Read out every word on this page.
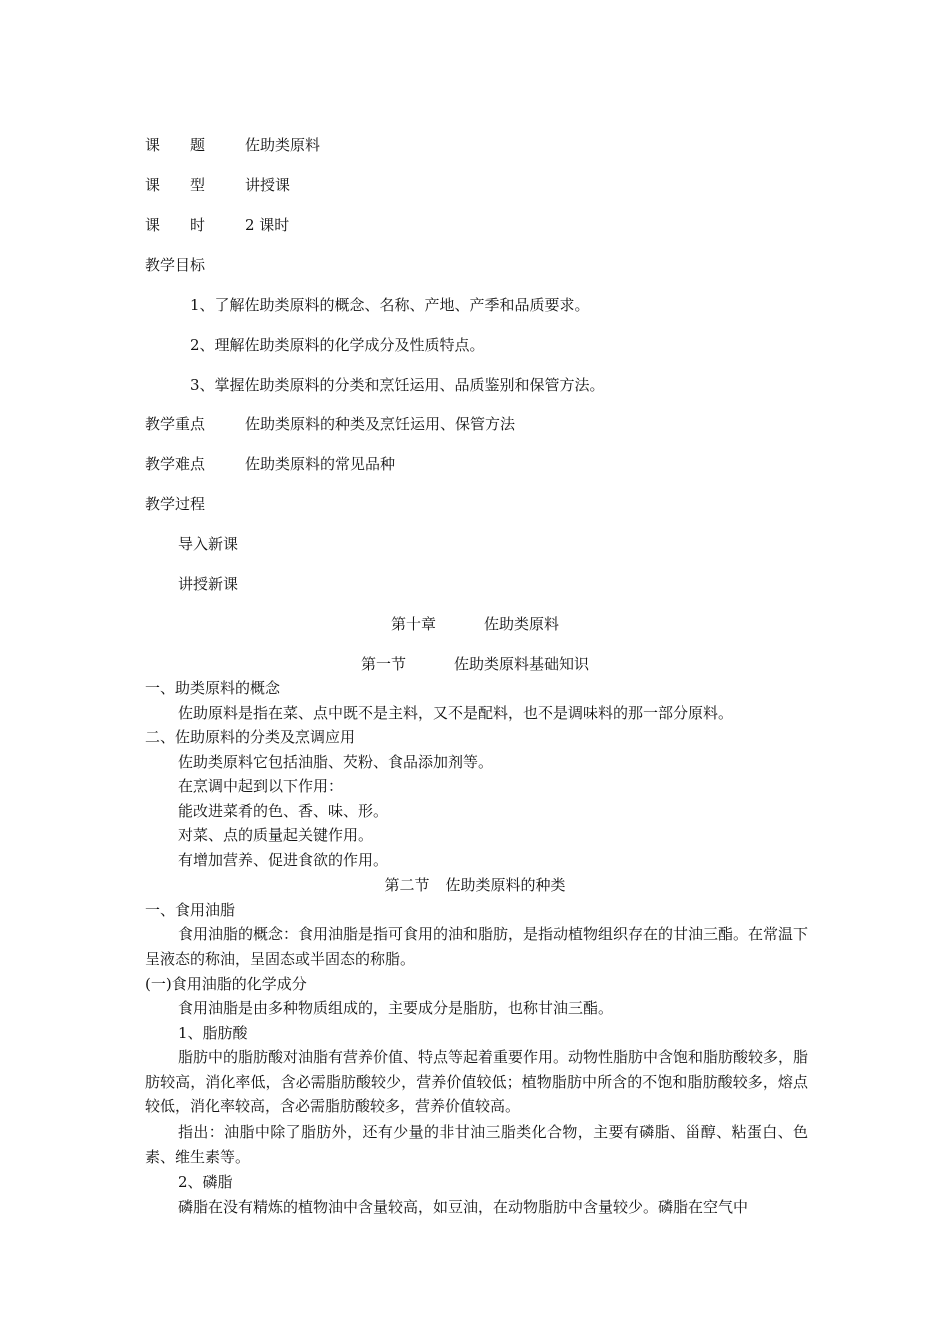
课　　题	佐助类原料
课　　型	讲授课
课　　时	2 课时
教学目标
1、了解佐助类原料的概念、名称、产地、产季和品质要求。
2、理解佐助类原料的化学成分及性质特点。
3、掌握佐助类原料的分类和烹饪运用、品质鉴别和保管方法。
教学重点	佐助类原料的种类及烹饪运用、保管方法
教学难点	佐助类原料的常见品种
教学过程
导入新课
讲授新课
第十章	佐助类原料
第一节	佐助类原料基础知识
一、助类原料的概念
佐助原料是指在菜、点中既不是主料，又不是配料，也不是调味料的那一部分原料。
二、佐助原料的分类及烹调应用
佐助类原料它包括油脂、芡粉、食品添加剂等。
在烹调中起到以下作用：
能改进菜肴的色、香、味、形。
对菜、点的质量起关键作用。
有增加营养、促进食欲的作用。
第二节 佐助类原料的种类
一、食用油脂
食用油脂的概念：食用油脂是指可食用的油和脂肪，是指动植物组织存在的甘油三酯。在常温下呈液态的称油，呈固态或半固态的称脂。
(一)食用油脂的化学成分
食用油脂是由多种物质组成的，主要成分是脂肪，也称甘油三酯。
1、脂肪酸
脂肪中的脂肪酸对油脂有营养价值、特点等起着重要作用。动物性脂肪中含饱和脂肪酸较多，脂肪较高，消化率低，含必需脂肪酸较少，营养价值较低；植物脂肪中所含的不饱和脂肪酸较多，熔点较低，消化率较高，含必需脂肪酸较多，营养价值较高。
指出：油脂中除了脂肪外，还有少量的非甘油三脂类化合物，主要有磷脂、甾醇、粘蛋白、色素、维生素等。
2、磷脂
磷脂在没有精炼的植物油中含量较高，如豆油，在动物脂肪中含量较少。磷脂在空气中
